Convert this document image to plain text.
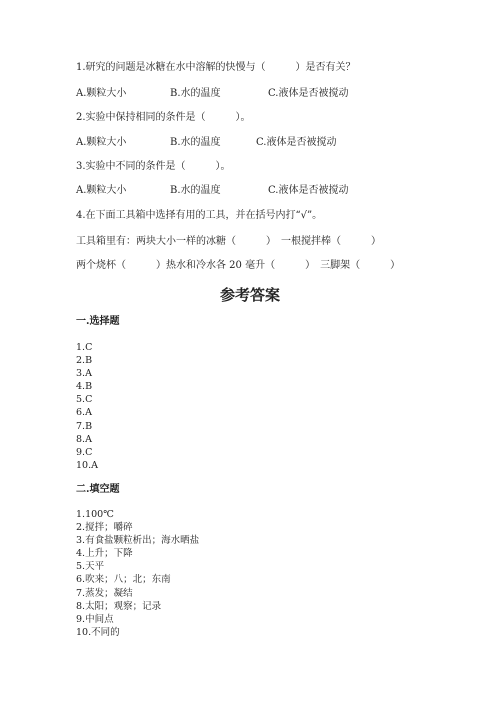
1.研究的问题是冰糖在水中溶解的快慢与（　　　）是否有关？
A.颗粒大小	B.水的温度	C.液体是否被搅动
2.实验中保持相同的条件是（　　　）。
A.颗粒大小	B.水的温度	C.液体是否被搅动
3.实验中不同的条件是（　　　）。
A.颗粒大小	B.水的温度	C.液体是否被搅动
4.在下面工具箱中选择有用的工具，并在括号内打“√”。
工具箱里有：两块大小一样的冰糖（　　　）　一根搅拌棒（　　　）
两个烧杯（　　　）热水和冷水各 20 毫升（　　　）　三脚架（　　　）
参考答案
一.选择题
1.C
2.B
3.A
4.B
5.C
6.A
7.B
8.A
9.C
10.A
二.填空题
1.100℃
2.搅拌；嚼碎
3.有食盐颗粒析出；海水晒盐
4.上升；下降
5.天平
6.吹来；八；北；东南
7.蒸发；凝结
8.太阳；观察；记录
9.中间点
10.不同的
